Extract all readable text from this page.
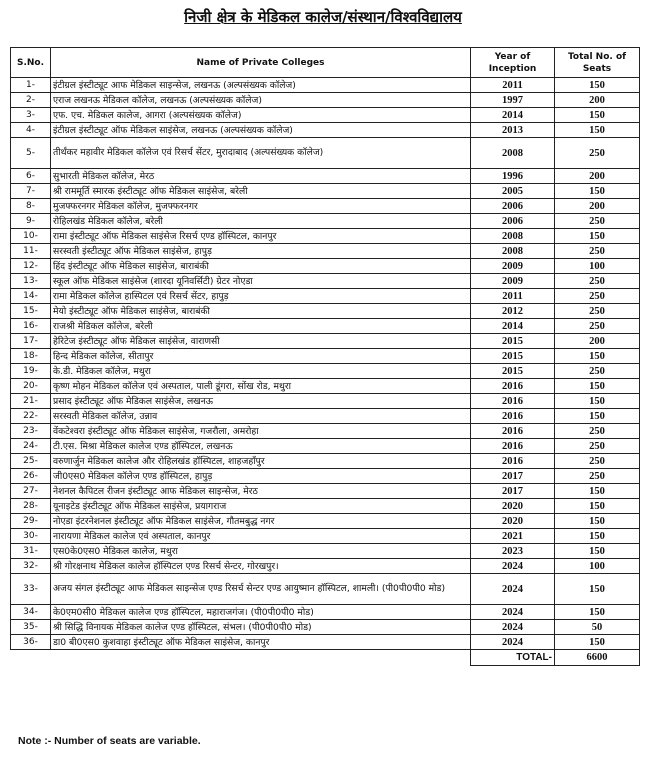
निजी क्षेत्र के मेडिकल कालेज/संस्थान/विश्वविद्यालय
S.No.	Name of Private Colleges	Year of Inception	Total No. of Seats
1-	इंटीग्रल इंस्टीट्यूट आफ मेडिकल साइन्सेज, लखनऊ (अल्पसंख्यक कॉलेज)	2011	150
2-	एराज लखनऊ मेडिकल कॉलेज, लखनऊ (अल्पसंख्यक कॉलेज)	1997	200
3-	एफ. एच. मेडिकल कालेज, आगरा (अल्पसंख्यक कॉलेज)	2014	150
4-	इंटीग्रल इंस्टीट्यूट ऑफ मेडिकल साइंसेज, लखनऊ (अल्पसंख्यक कॉलेज)	2013	150
5-	तीर्थंकर महावीर मेडिकल कॉलेज एवं रिसर्च सेंटर, मुरादाबाद (अल्पसंख्यक कॉलेज)	2008	250
6-	सुभारती मेडिकल कॉलेज, मेरठ	1996	200
7-	श्री राममूर्ति स्मारक इंस्टीट्यूट ऑफ मेडिकल साइंसेज, बरेली	2005	150
8-	मुजफ्फरनगर मेडिकल कॉलेज, मुजफ्फरनगर	2006	200
9-	रोहिलखंड मेडिकल कॉलेज, बरेली	2006	250
10-	रामा इंस्टीट्यूट ऑफ मेडिकल साइंसेज रिसर्च एण्ड हॉस्पिटल, कानपुर	2008	150
11-	सरस्वती इंस्टीट्यूट ऑफ मेडिकल साइंसेज, हापुड़	2008	250
12-	हिंद इंस्टीट्यूट ऑफ मेडिकल साइंसेज, बाराबंकी	2009	100
13-	स्कूल ऑफ मेडिकल साइंसेज (शारदा यूनिवर्सिटी) ग्रेटर नोएडा	2009	250
14-	रामा मेडिकल कॉलेज हास्पिटल एवं रिसर्च सेंटर, हापुड़	2011	250
15-	मेयो इंस्टीट्यूट ऑफ मेडिकल साइंसेज, बाराबंकी	2012	250
16-	राजश्री मेडिकल कॉलेज, बरेली	2014	250
17-	हेरिटेज इंस्टीट्यूट ऑफ मेडिकल साइंसेज, वाराणसी	2015	200
18-	हिन्द मेडिकल कॉलेज, सीतापुर	2015	150
19-	के.डी. मेडिकल कॉलेज, मथुरा	2015	250
20-	कृष्ण मोहन मेडिकल कॉलेज एवं अस्पताल, पाली डूंगरा, सोंख रोड, मथुरा	2016	150
21-	प्रसाद इंस्टीट्यूट ऑफ मेडिकल साइंसेज, लखनऊ	2016	150
22-	सरस्वती मेडिकल कॉलेज, उन्नाव	2016	150
23-	वेंकटेश्वरा इंस्टीट्यूट ऑफ मेडिकल साइंसेज, गजरौला, अमरोहा	2016	250
24-	टी.एस. मिश्रा मेडिकल कालेज एण्ड हॉस्पिटल, लखनऊ	2016	250
25-	वरुणार्जुन मेडिकल कालेज और रोहिलखंड हॉस्पिटल, शाहजहाँपुर	2016	250
26-	जी0एस0 मेडिकल कॉलेज एण्ड हॉस्पिटल, हापुड़	2017	250
27-	नेशनल कैपिटल रीजन इंस्टीट्यूट आफ मेडिकल साइन्सेज, मेरठ	2017	150
28-	यूनाइटेड इंस्टीट्यूट ऑफ मेडिकल साइंसेज, प्रयागराज	2020	150
29-	नोएडा इंटरनेशनल इंस्टीट्यूट ऑफ मेडिकल साइंसेज, गौतमबुद्ध नगर	2020	150
30-	नारायणा मेडिकल कालेज एवं अस्पताल, कानपुर	2021	150
31-	एस0के0एस0 मेडिकल कालेज, मथुरा	2023	150
32-	श्री गोरक्षनाथ मेडिकल कालेज हॉस्पिटल एण्ड रिसर्च सेन्टर, गोरखपुर।	2024	100
33-	अजय संगल इंस्टीट्यूट आफ मेडिकल साइन्सेज एण्ड रिसर्च सेन्टर एण्ड आयुष्मान हॉस्पिटल, शामली। (पी0पी0पी0 मोड)	2024	150
34-	के0एम0सी0 मेडिकल कालेज एण्ड हॉस्पिटल, महाराजगंज। (पी0पी0पी0 मोड)	2024	150
35-	श्री सिद्धि विनायक मेडिकल कालेज एण्ड हॉस्पिटल, संभल। (पी0पी0पी0 मोड)	2024	50
36-	डा0 बी0एस0 कुशवाहा इंस्टीट्यूट ऑफ मेडिकल साइंसेज, कानपुर	2024	150
		TOTAL-	6600
Note :- Number of seats are variable.
